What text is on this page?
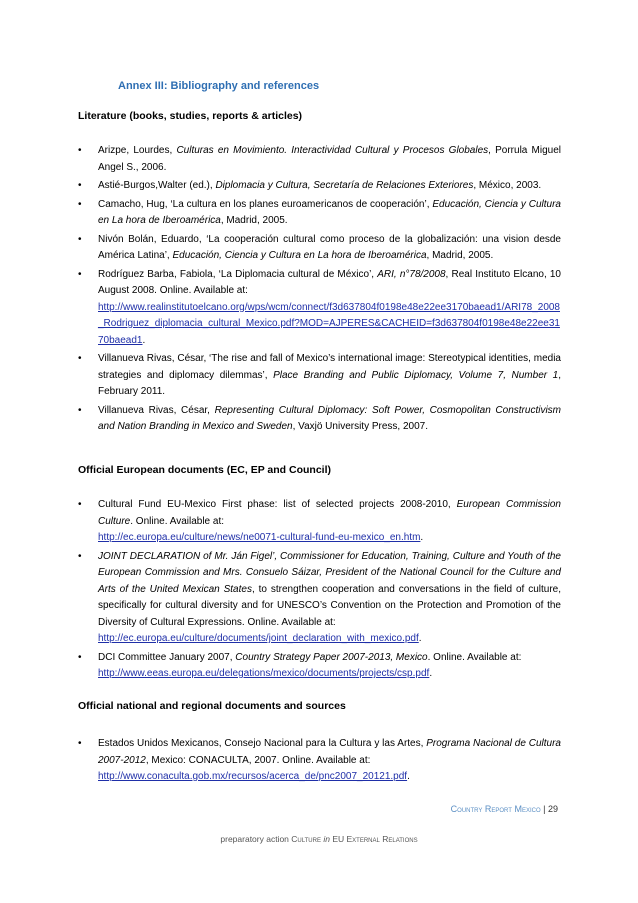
Annex III: Bibliography and references
Literature (books, studies, reports & articles)
• Arizpe, Lourdes, Culturas en Movimiento. Interactividad Cultural y Procesos Globales, Porrula Miguel Angel S., 2006.
• Astié-Burgos,Walter (ed.), Diplomacia y Cultura, Secretaría de Relaciones Exteriores, México, 2003.
• Camacho, Hug, ‘La cultura en los planes euroamericanos de cooperación’, Educación, Ciencia y Cultura en La hora de Iberoamérica, Madrid, 2005.
• Nivón Bolán, Eduardo, ‘La cooperación cultural como proceso de la globalización: una vision desde América Latina’, Educación, Ciencia y Cultura en La hora de Iberoamérica, Madrid, 2005.
• Rodríguez Barba, Fabiola, ‘La Diplomacia cultural de México’, ARI, n°78/2008, Real Instituto Elcano, 10 August 2008. Online. Available at:
http://www.realinstitutoelcano.org/wps/wcm/connect/f3d637804f0198e48e22ee3170baead1/ARI78_2008_Rodriguez_diplomacia_cultural_Mexico.pdf?MOD=AJPERES&CACHEID=f3d637804f0198e48e22ee3170baead1.
• Villanueva Rivas, César, ‘The rise and fall of Mexico’s international image: Stereotypical identities, media strategies and diplomacy dilemmas’, Place Branding and Public Diplomacy, Volume 7, Number 1, February 2011.
• Villanueva Rivas, César, Representing Cultural Diplomacy: Soft Power, Cosmopolitan Constructivism and Nation Branding in Mexico and Sweden, Vaxjö University Press, 2007.
Official European documents (EC, EP and Council)
• Cultural Fund EU-Mexico First phase: list of selected projects 2008-2010, European Commission Culture. Online. Available at:
http://ec.europa.eu/culture/news/ne0071-cultural-fund-eu-mexico_en.htm.
• JOINT DECLARATION of Mr. Ján Figel’, Commissioner for Education, Training, Culture and Youth of the European Commission and Mrs. Consuelo Sáizar, President of the National Council for the Culture and Arts of the United Mexican States, to strengthen cooperation and conversations in the field of culture, specifically for cultural diversity and for UNESCO’s Convention on the Protection and Promotion of the Diversity of Cultural Expressions. Online. Available at:
http://ec.europa.eu/culture/documents/joint_declaration_with_mexico.pdf.
• DCI Committee January 2007, Country Strategy Paper 2007-2013, Mexico. Online. Available at:
http://www.eeas.europa.eu/delegations/mexico/documents/projects/csp.pdf.
Official national and regional documents and sources
• Estados Unidos Mexicanos, Consejo Nacional para la Cultura y las Artes, Programa Nacional de Cultura 2007-2012, Mexico: CONACULTA, 2007. Online. Available at:
http://www.conaculta.gob.mx/recursos/acerca_de/pnc2007_20121.pdf.
Country Report Mexico | 29
preparatory action Culture in EU External Relations
